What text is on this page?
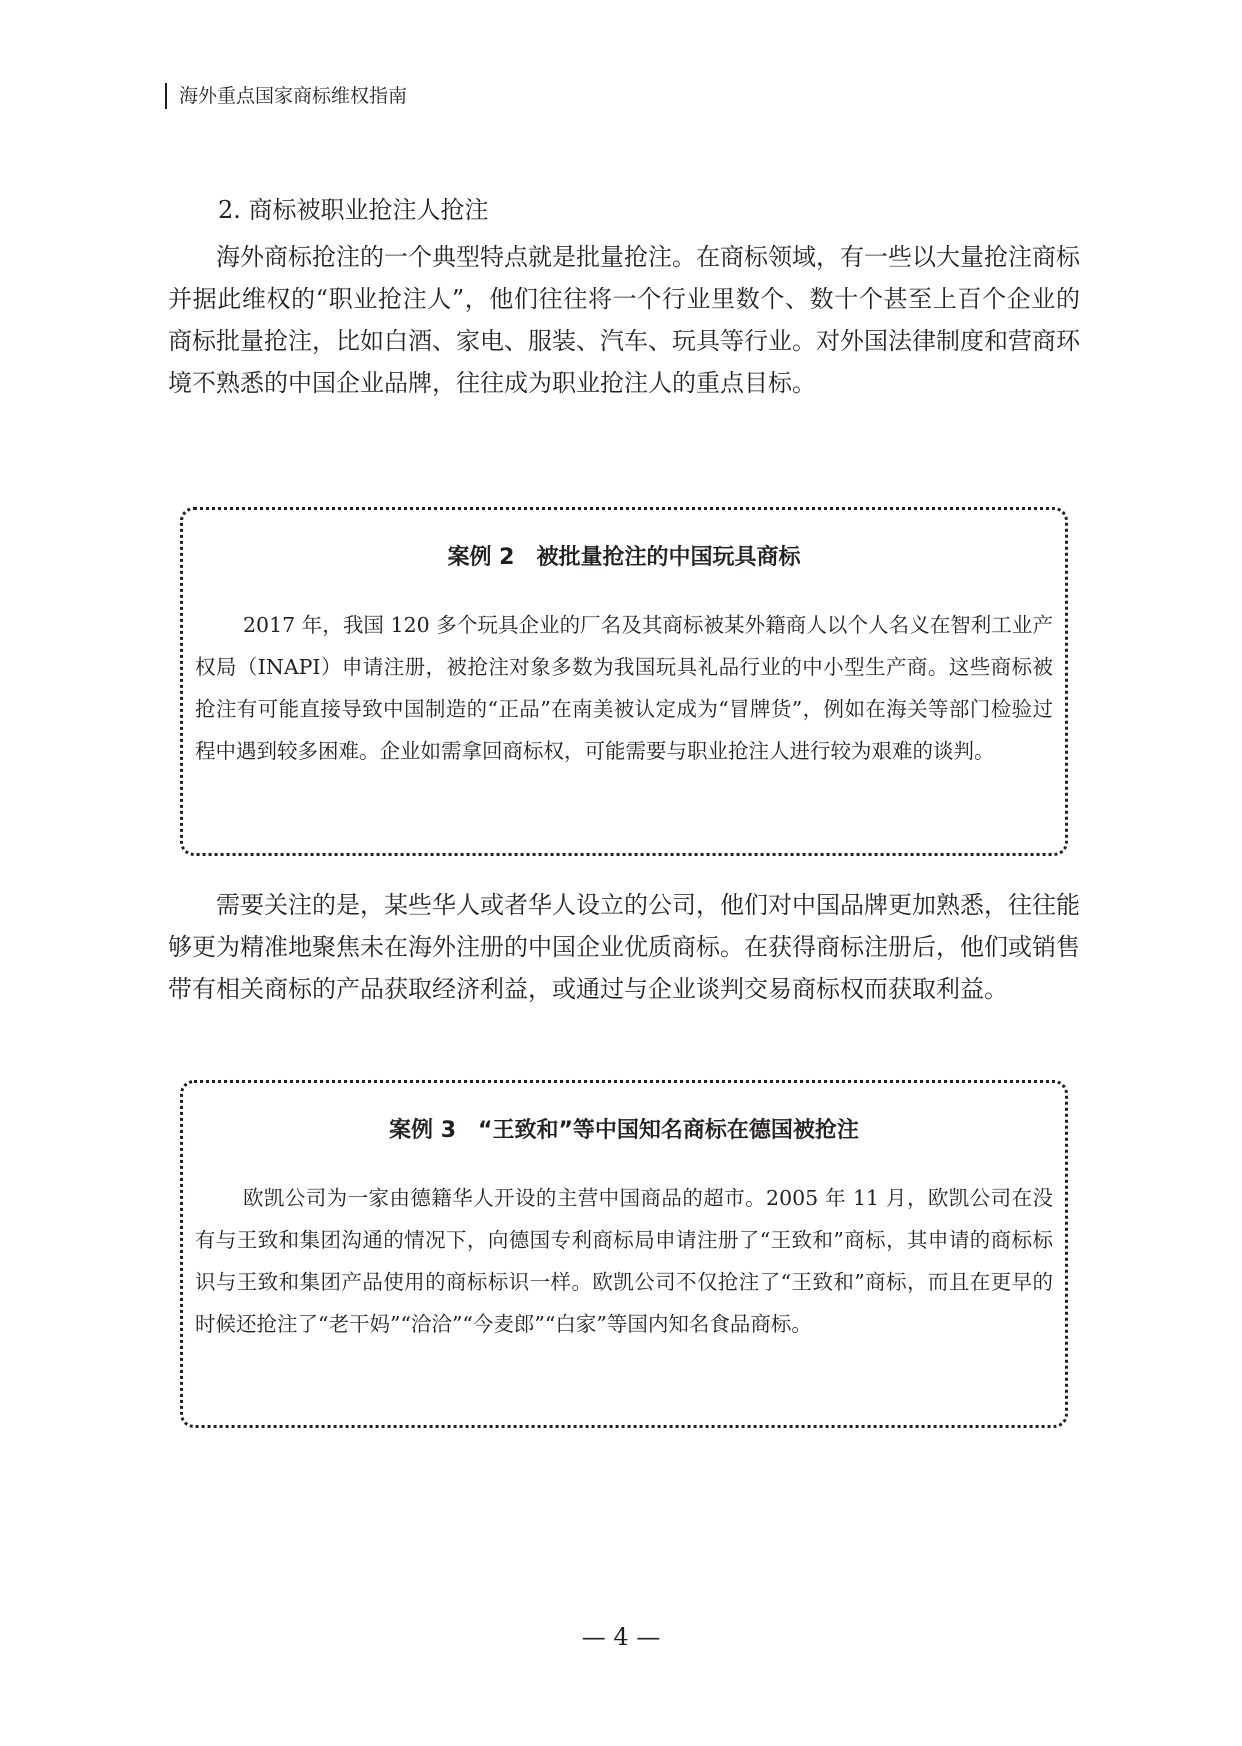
海外重点国家商标维权指南
2. 商标被职业抢注人抢注

海外商标抢注的一个典型特点就是批量抢注。在商标领域，有一些以大量抢注商标并据此维权的“职业抢注人”，他们往往将一个行业里数个、数十个甚至上百个企业的商标批量抢注，比如白酒、家电、服装、汽车、玩具等行业。对外国法律制度和营商环境不熟悉的中国企业品牌，往往成为职业抢注人的重点目标。

案例 2　被批量抢注的中国玩具商标

2017 年，我国 120 多个玩具企业的厂名及其商标被某外籍商人以个人名义在智利工业产权局（INAPI）申请注册，被抢注对象多数为我国玩具礼品行业的中小型生产商。这些商标被抢注有可能直接导致中国制造的“正品”在南美被认定成为“冒牌货”，例如在海关等部门检验过程中遇到较多困难。企业如需拿回商标权，可能需要与职业抢注人进行较为艰难的谈判。

需要关注的是，某些华人或者华人设立的公司，他们对中国品牌更加熟悉，往往能够更为精准地聚焦未在海外注册的中国企业优质商标。在获得商标注册后，他们或销售带有相关商标的产品获取经济利益，或通过与企业谈判交易商标权而获取利益。

案例 3　“王致和”等中国知名商标在德国被抢注

欧凯公司为一家由德籍华人开设的主营中国商品的超市。2005 年 11 月，欧凯公司在没有与王致和集团沟通的情况下，向德国专利商标局申请注册了“王致和”商标，其申请的商标标识与王致和集团产品使用的商标标识一样。欧凯公司不仅抢注了“王致和”商标，而且在更早的时候还抢注了“老干妈”“洽洽”“今麦郎”“白家”等国内知名食品商标。

— 4 —
